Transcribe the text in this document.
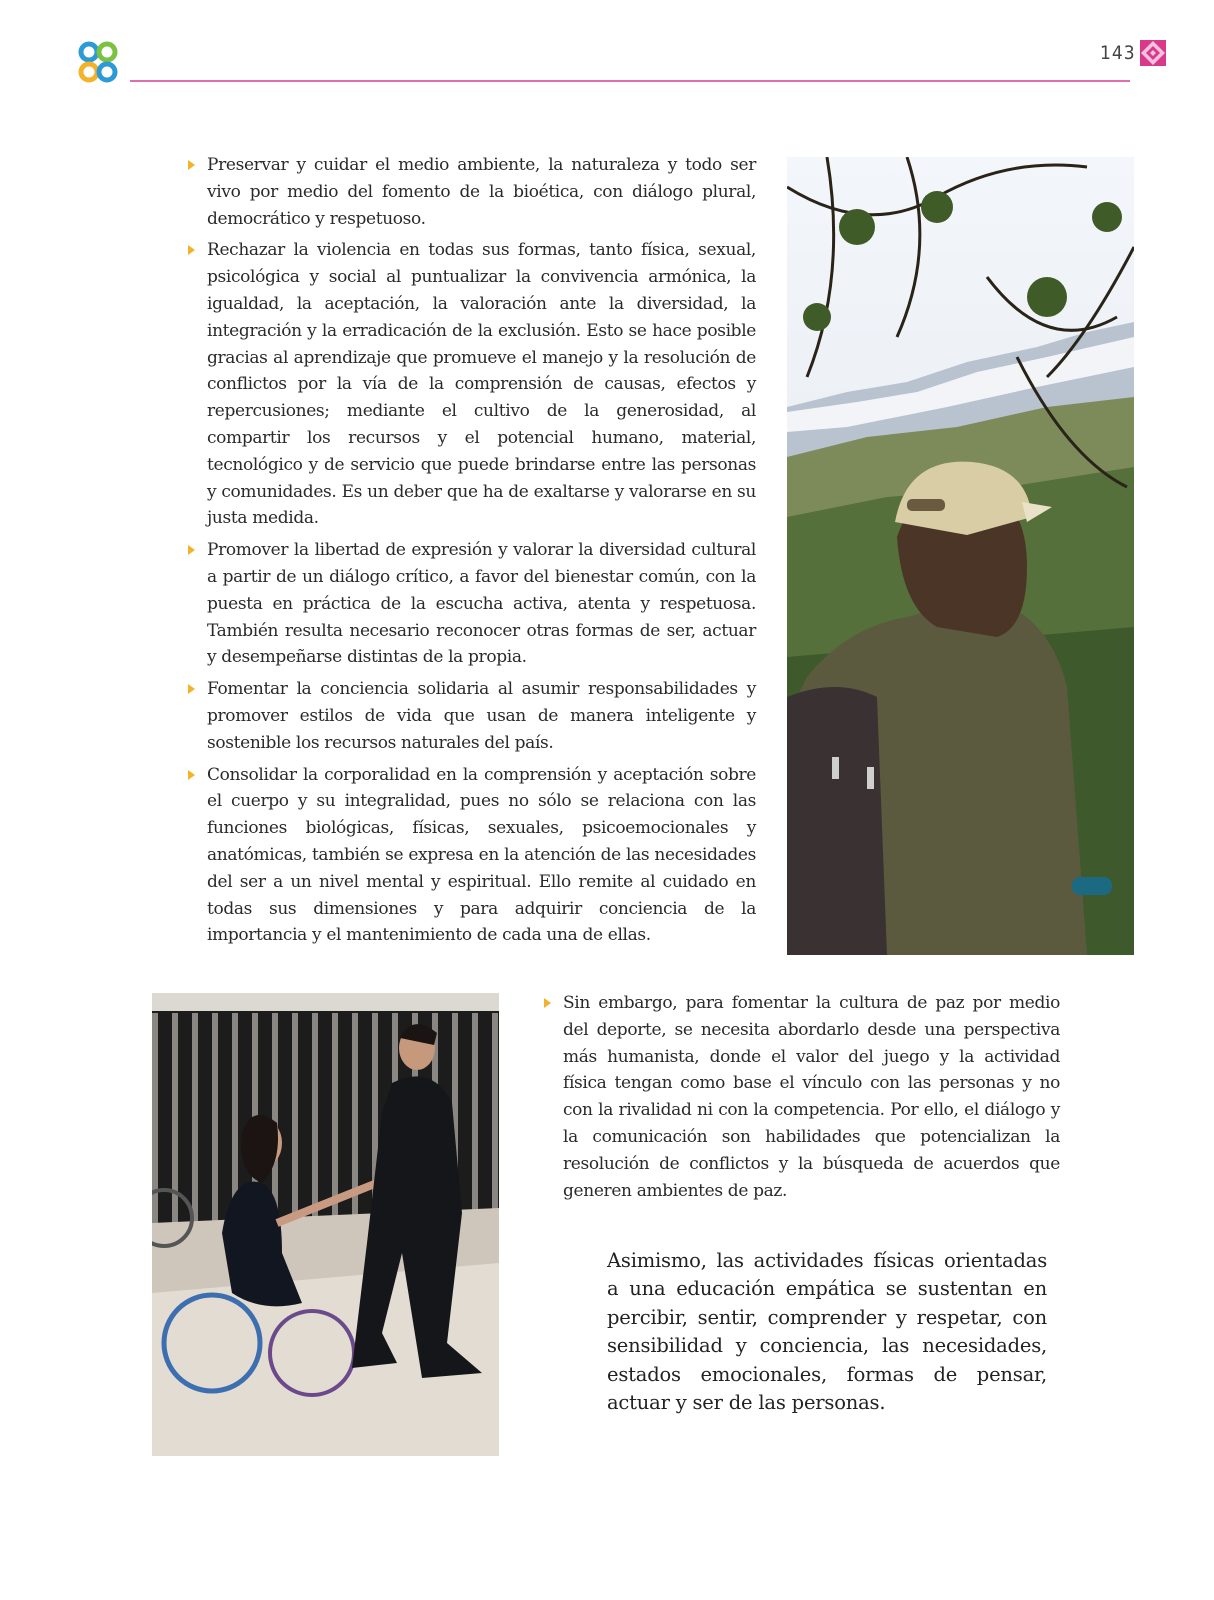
143
Preservar y cuidar el medio ambiente, la naturaleza y todo ser vivo por medio del fomento de la bioética, con diálogo plural, democrático y respetuoso.
Rechazar la violencia en todas sus formas, tanto física, sexual, psicológica y social al puntualizar la convivencia armónica, la igualdad, la aceptación, la valoración ante la diversidad, la integración y la erradicación de la exclusión. Esto se hace posible gracias al aprendizaje que promueve el manejo y la resolución de conflictos por la vía de la comprensión de causas, efectos y repercusiones; mediante el cultivo de la generosidad, al compartir los recursos y el potencial humano, material, tecnológico y de servicio que puede brindarse entre las personas y comunidades. Es un deber que ha de exaltarse y valorarse en su justa medida.
Promover la libertad de expresión y valorar la diversidad cultural a partir de un diálogo crítico, a favor del bienestar común, con la puesta en práctica de la escucha activa, atenta y respetuosa. También resulta necesario reconocer otras formas de ser, actuar y desempeñarse distintas de la propia.
Fomentar la conciencia solidaria al asumir responsabilidades y promover estilos de vida que usan de manera inteligente y sostenible los recursos naturales del país.
Consolidar la corporalidad en la comprensión y aceptación sobre el cuerpo y su integralidad, pues no sólo se relaciona con las funciones biológicas, físicas, sexuales, psicoemocionales y anatómicas, también se expresa en la atención de las necesidades del ser a un nivel mental y espiritual. Ello remite al cuidado en todas sus dimensiones y para adquirir conciencia de la importancia y el mantenimiento de cada una de ellas.
Sin embargo, para fomentar la cultura de paz por medio del deporte, se necesita abordarlo desde una perspectiva más humanista, donde el valor del juego y la actividad física tengan como base el vínculo con las personas y no con la rivalidad ni con la competencia. Por ello, el diálogo y la comunicación son habilidades que potencializan la resolución de conflictos y la búsqueda de acuerdos que generen ambientes de paz.

Asimismo, las actividades físicas orientadas a una educación empática se sustentan en percibir, sentir, comprender y respetar, con sensibilidad y conciencia, las necesidades, estados emocionales, formas de pensar, actuar y ser de las personas.
